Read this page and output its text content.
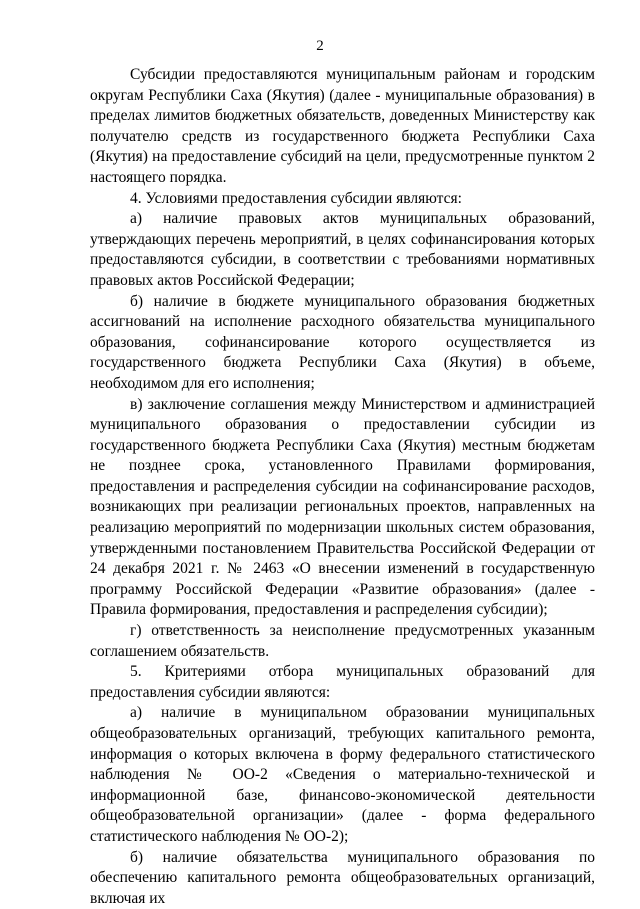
2

Субсидии предоставляются муниципальным районам и городским округам Республики Саха (Якутия) (далее - муниципальные образования) в пределах лимитов бюджетных обязательств, доведенных Министерству как получателю средств из государственного бюджета Республики Саха (Якутия) на предоставление субсидий на цели, предусмотренные пунктом 2 настоящего порядка.

4. Условиями предоставления субсидии являются:

а) наличие правовых актов муниципальных образований, утверждающих перечень мероприятий, в целях софинансирования которых предоставляются субсидии, в соответствии с требованиями нормативных правовых актов Российской Федерации;

б) наличие в бюджете муниципального образования бюджетных ассигнований на исполнение расходного обязательства муниципального образования, софинансирование которого осуществляется из государственного бюджета Республики Саха (Якутия) в объеме, необходимом для его исполнения;

в) заключение соглашения между Министерством и администрацией муниципального образования о предоставлении субсидии из государственного бюджета Республики Саха (Якутия) местным бюджетам не позднее срока, установленного Правилами формирования, предоставления и распределения субсидии на софинансирование расходов, возникающих при реализации региональных проектов, направленных на реализацию мероприятий по модернизации школьных систем образования, утвержденными постановлением Правительства Российской Федерации от 24 декабря 2021 г. № 2463 «О внесении изменений в государственную программу Российской Федерации «Развитие образования» (далее - Правила формирования, предоставления и распределения субсидии);

г) ответственность за неисполнение предусмотренных указанным соглашением обязательств.

5. Критериями отбора муниципальных образований для предоставления субсидии являются:

а) наличие в муниципальном образовании муниципальных общеобразовательных организаций, требующих капитального ремонта, информация о которых включена в форму федерального статистического наблюдения № ОО-2 «Сведения о материально-технической и информационной базе, финансово-экономической деятельности общеобразовательной организации» (далее - форма федерального статистического наблюдения № ОО-2);

б) наличие обязательства муниципального образования по обеспечению капитального ремонта общеобразовательных организаций, включая их
